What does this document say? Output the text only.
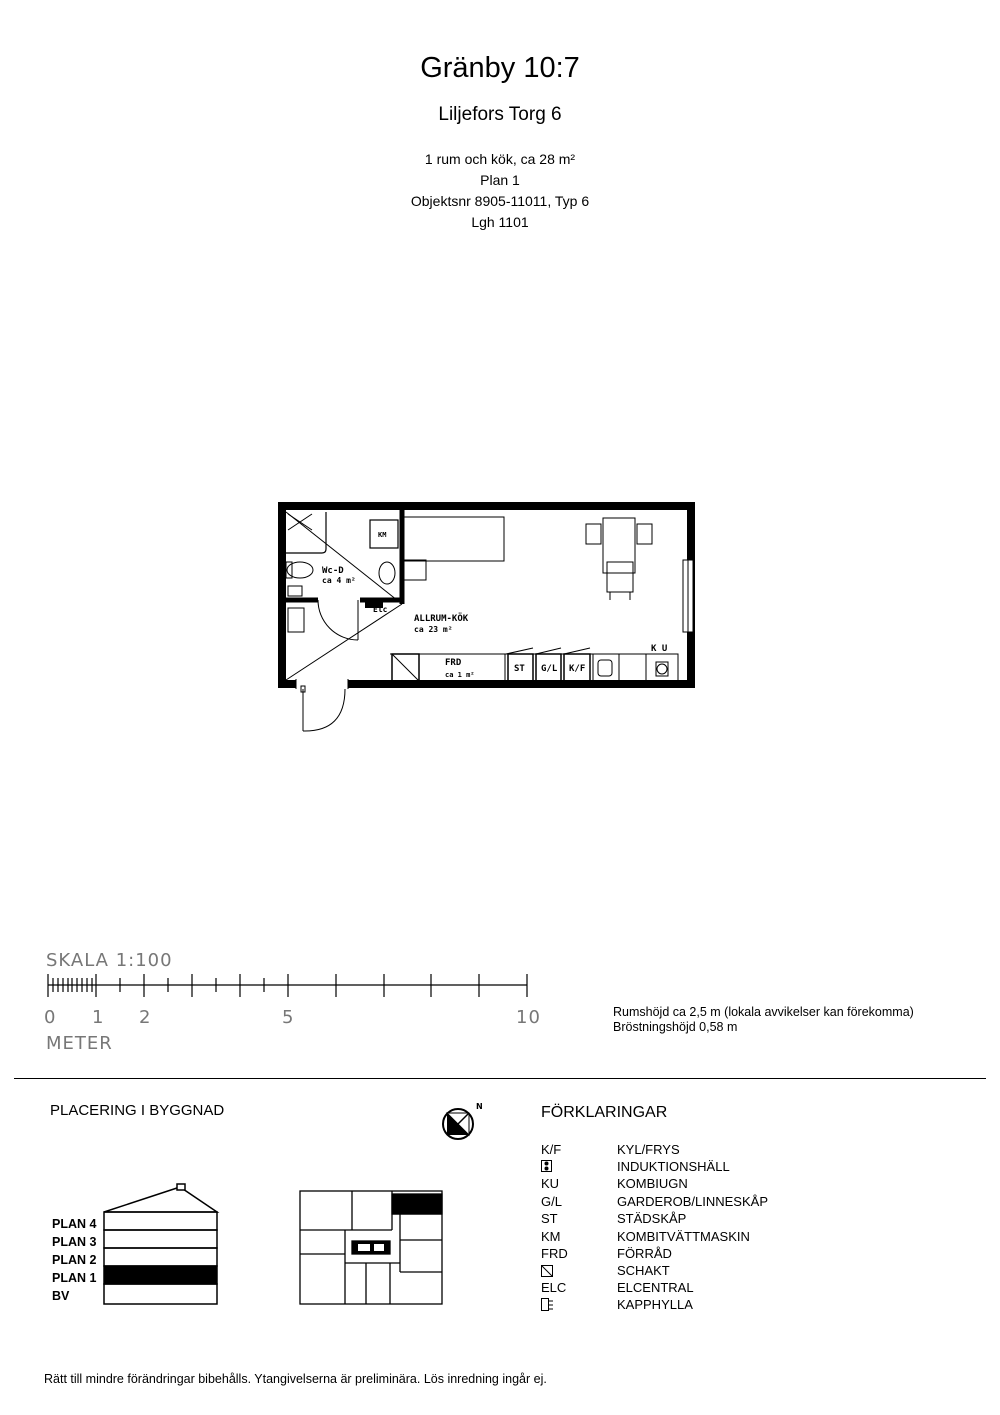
Gränby 10:7
Liljefors Torg 6
1 rum och kök, ca 28 m²
Plan 1
Objektsnr 8905-11011, Typ 6
Lgh 1101
Wc-D
ca 4 m²
KM
Elc
ALLRUM-KÖK
ca 23 m²
FRD
ca 1 m²
ST G/L K/F
K U
SKALA 1:100
0 1 2	5	10
METER
N
Rumshöjd ca 2,5 m (lokala avvikelser kan förekomma)
Bröstningshöjd 0,58 m
PLACERING I BYGGNAD
PLAN 4
PLAN 3
PLAN 2
PLAN 1
BV
FÖRKLARINGAR
K/F	KYL/FRYS
INDUKTIONSHÄLL
KU	KOMBIUGN
G/L	GARDEROB/LINNESKÅP
ST	STÄDSKÅP
KM	KOMBITVÄTTMASKIN
FRD	FÖRRÅD
SCHAKT
ELC	ELCENTRAL
KAPPHYLLA
Rätt till mindre förändringar bibehålls. Ytangivelserna är preliminära. Lös inredning ingår ej.
